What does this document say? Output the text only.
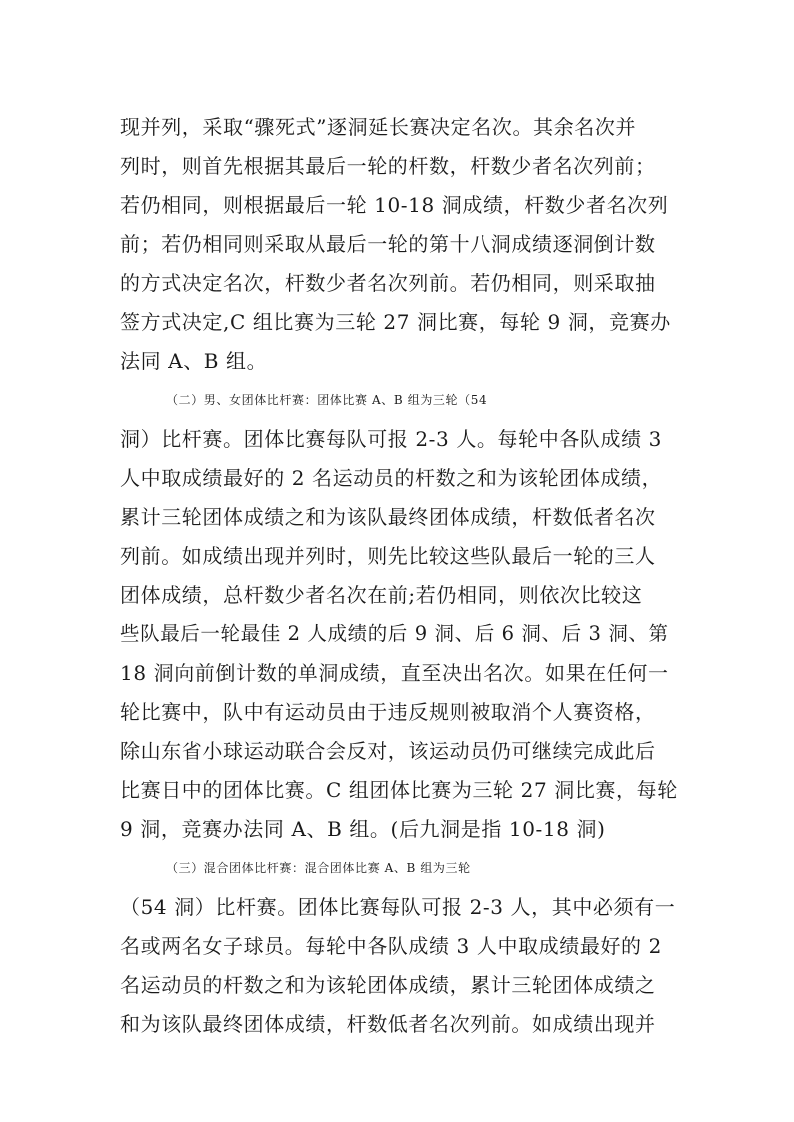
现并列，采取“骤死式”逐洞延长赛决定名次。其余名次并
列时，则首先根据其最后一轮的杆数，杆数少者名次列前；
若仍相同，则根据最后一轮 10-18 洞成绩，杆数少者名次列
前；若仍相同则采取从最后一轮的第十八洞成绩逐洞倒计数
的方式决定名次，杆数少者名次列前。若仍相同，则采取抽
签方式决定,C 组比赛为三轮 27 洞比赛，每轮 9 洞，竞赛办
法同 A、B 组。
（二）男、女团体比杆赛：团体比赛 A、B 组为三轮（54
洞）比杆赛。团体比赛每队可报 2-3 人。每轮中各队成绩 3
人中取成绩最好的 2 名运动员的杆数之和为该轮团体成绩，
累计三轮团体成绩之和为该队最终团体成绩，杆数低者名次
列前。如成绩出现并列时，则先比较这些队最后一轮的三人
团体成绩，总杆数少者名次在前;若仍相同，则依次比较这
些队最后一轮最佳 2 人成绩的后 9 洞、后 6 洞、后 3 洞、第
18 洞向前倒计数的单洞成绩，直至决出名次。如果在任何一
轮比赛中，队中有运动员由于违反规则被取消个人赛资格，
除山东省小球运动联合会反对，该运动员仍可继续完成此后
比赛日中的团体比赛。C 组团体比赛为三轮 27 洞比赛，每轮
9 洞，竞赛办法同 A、B 组。(后九洞是指 10-18 洞)
（三）混合团体比杆赛：混合团体比赛 A、B 组为三轮
（54 洞）比杆赛。团体比赛每队可报 2-3 人，其中必须有一
名或两名女子球员。每轮中各队成绩 3 人中取成绩最好的 2
名运动员的杆数之和为该轮团体成绩，累计三轮团体成绩之
和为该队最终团体成绩，杆数低者名次列前。如成绩出现并
